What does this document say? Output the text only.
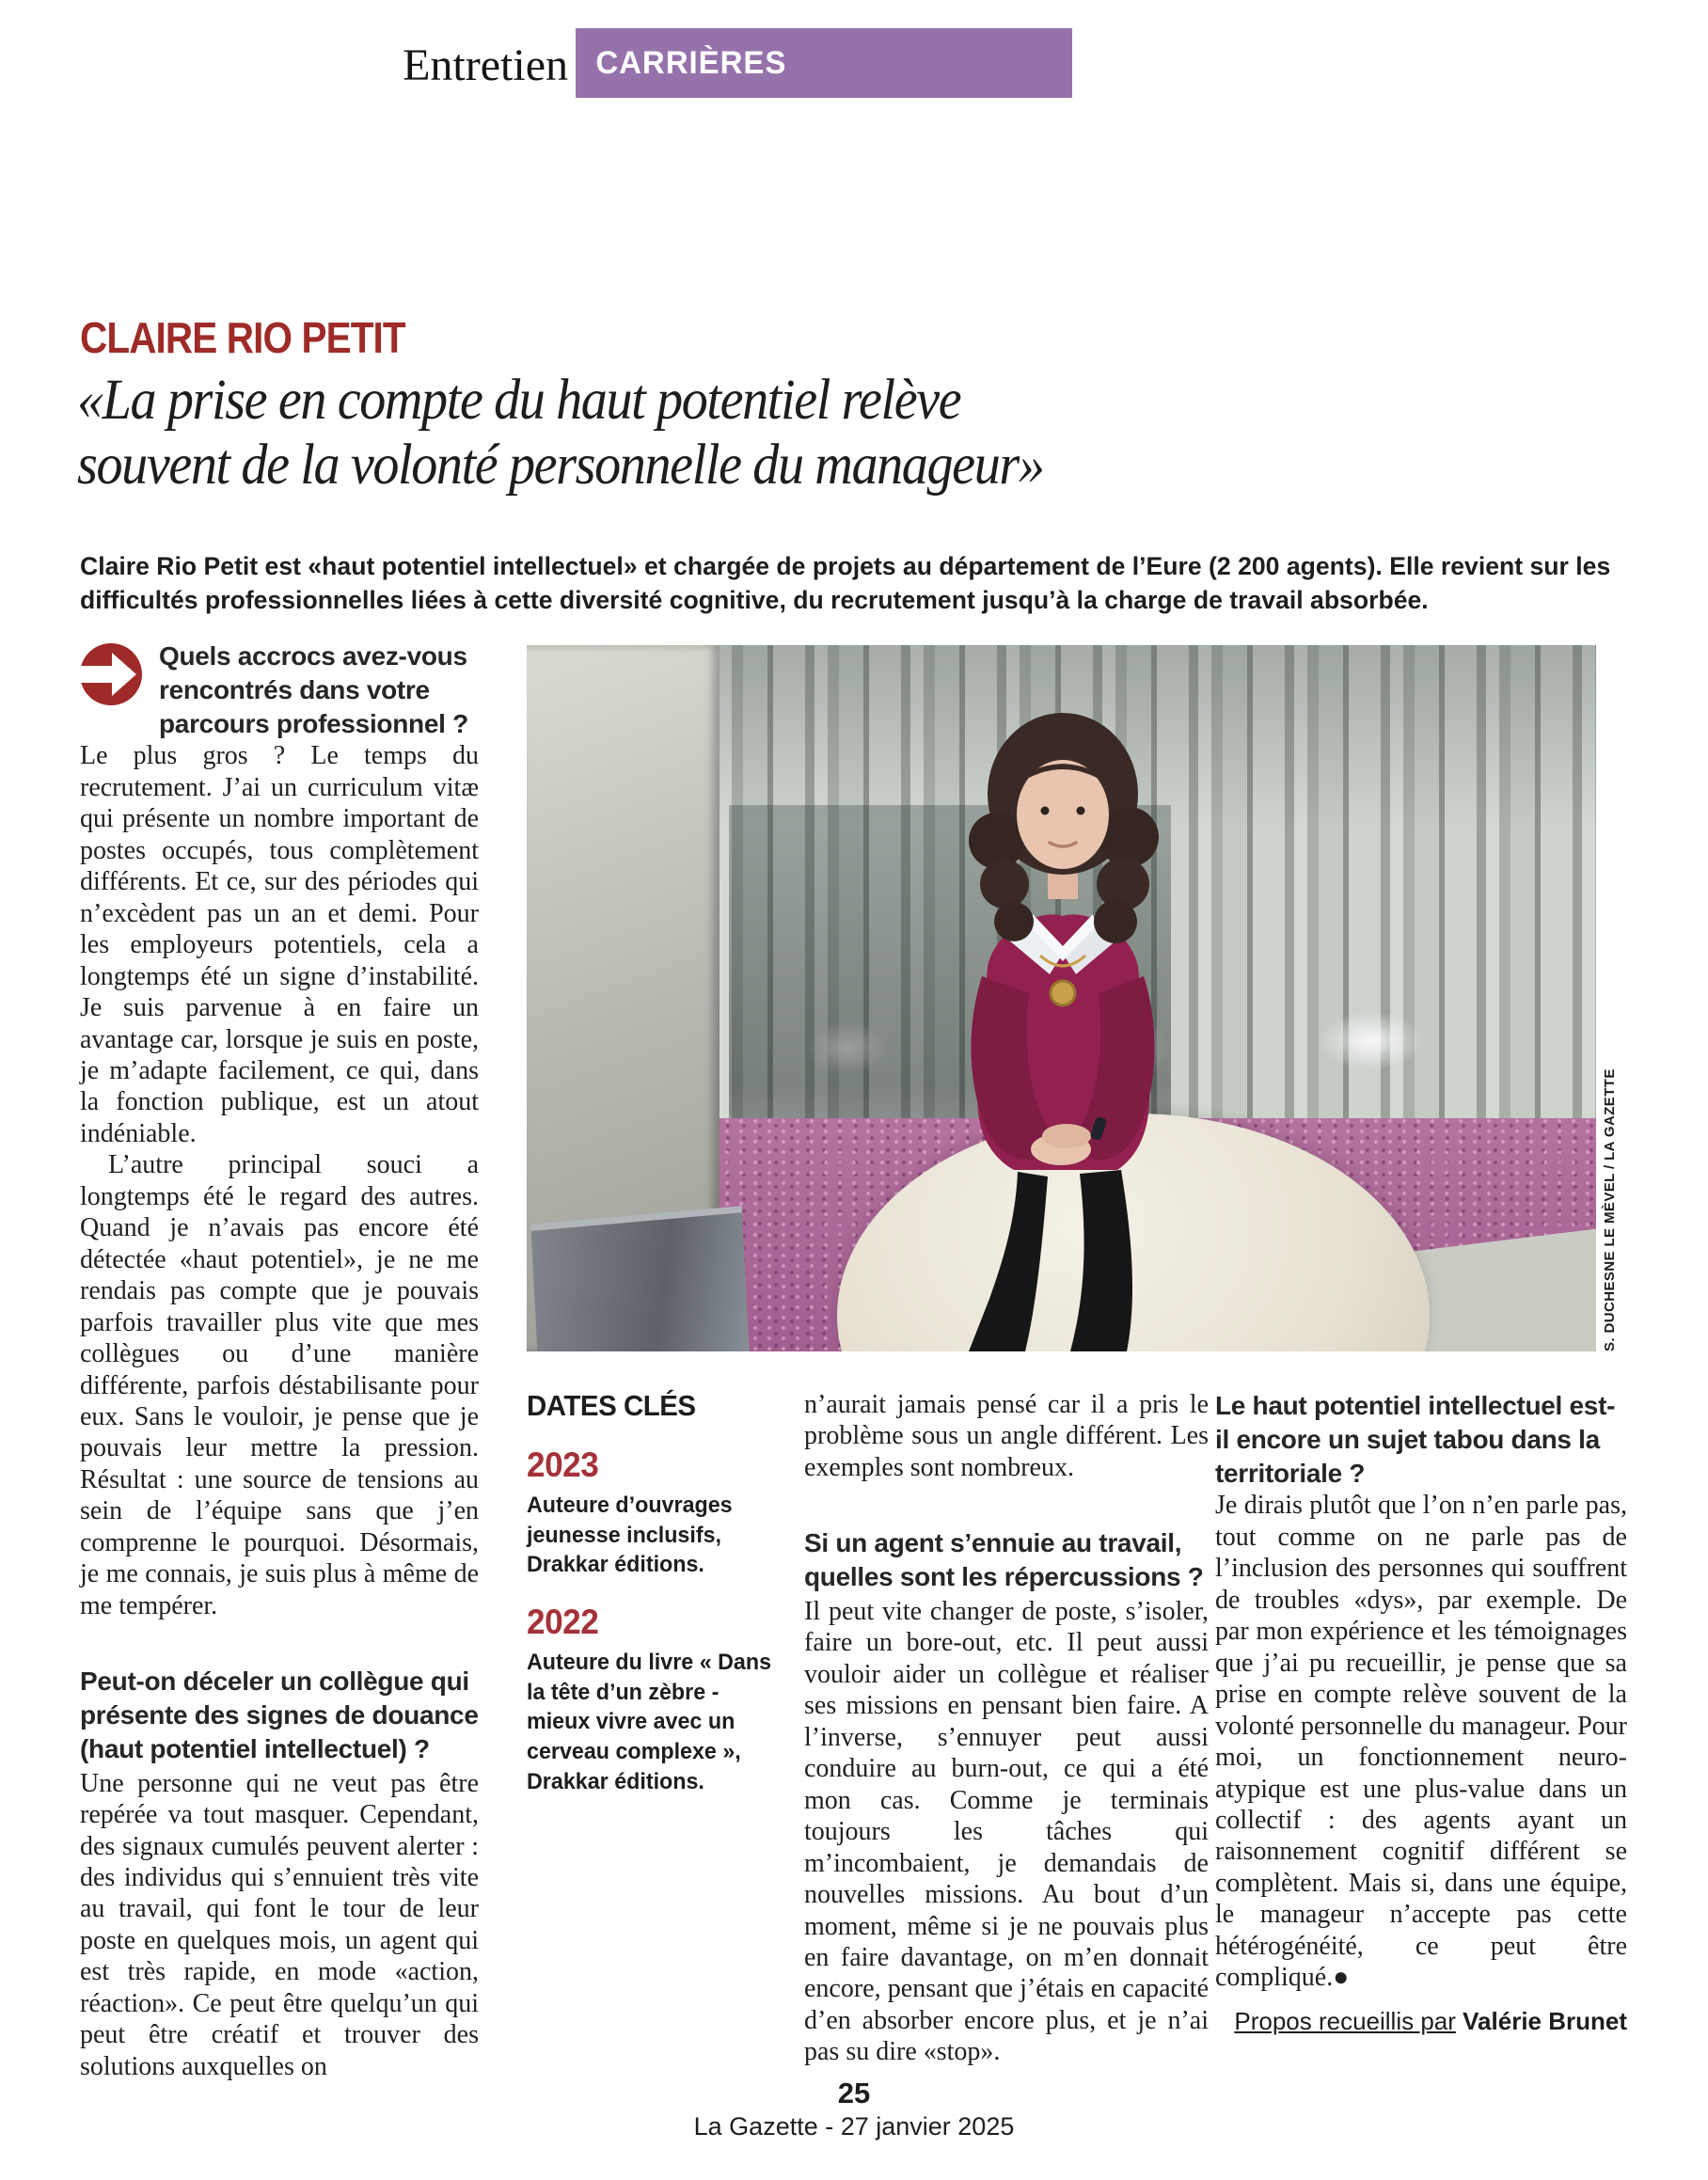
Entretien CARRIÈRES
CLAIRE RIO PETIT
«La prise en compte du haut potentiel relève
souvent de la volonté personnelle du manageur»
Claire Rio Petit est «haut potentiel intellectuel» et chargée de projets au département de l’Eure (2 200 agents). Elle revient sur les difficultés professionnelles liées à cette diversité cognitive, du recrutement jusqu’à la charge de travail absorbée.
Quels accrocs avez-vous rencontrés dans votre parcours professionnel ?

Le plus gros ? Le temps du recrutement. J’ai un curriculum vitæ qui présente un nombre important de postes occupés, tous complètement différents. Et ce, sur des périodes qui n’excèdent pas un an et demi. Pour les employeurs potentiels, cela a longtemps été un signe d’instabilité. Je suis parvenue à en faire un avantage car, lorsque je suis en poste, je m’adapte facilement, ce qui, dans la fonction publique, est un atout indéniable.

L’autre principal souci a longtemps été le regard des autres. Quand je n’avais pas encore été détectée «haut potentiel», je ne me rendais pas compte que je pouvais parfois travailler plus vite que mes collègues ou d’une manière différente, parfois déstabilisante pour eux. Sans le vouloir, je pense que je pouvais leur mettre la pression. Résultat : une source de tensions au sein de l’équipe sans que j’en comprenne le pourquoi. Désormais, je me connais, je suis plus à même de me tempérer.

Peut-on déceler un collègue qui présente des signes de douance (haut potentiel intellectuel) ?

Une personne qui ne veut pas être repérée va tout masquer. Cependant, des signaux cumulés peuvent alerter : des individus qui s’ennuient très vite au travail, qui font le tour de leur poste en quelques mois, un agent qui est très rapide, en mode «action, réaction». Ce peut être quelqu’un qui peut être créatif et trouver des solutions auxquelles on

S. DUCHESNE LE MÈVEL / LA GAZETTE
DATES CLÉS
2023
Auteure d’ouvrages jeunesse inclusifs, Drakkar éditions.
2022
Auteure du livre « Dans la tête d’un zèbre - mieux vivre avec un cerveau complexe », Drakkar éditions.

n’aurait jamais pensé car il a pris le problème sous un angle différent. Les exemples sont nombreux.

Si un agent s’ennuie au travail, quelles sont les répercussions ?

Il peut vite changer de poste, s’isoler, faire un bore-out, etc. Il peut aussi vouloir aider un collègue et réaliser ses missions en pensant bien faire. A l’inverse, s’ennuyer peut aussi conduire au burn-out, ce qui a été mon cas. Comme je terminais toujours les tâches qui m’incombaient, je demandais de nouvelles missions. Au bout d’un moment, même si je ne pouvais plus en faire davantage, on m’en donnait encore, pensant que j’étais en capacité d’en absorber encore plus, et je n’ai pas su dire «stop».

Le haut potentiel intellectuel est-il encore un sujet tabou dans la territoriale ?

Je dirais plutôt que l’on n’en parle pas, tout comme on ne parle pas de l’inclusion des personnes qui souffrent de troubles «dys», par exemple. De par mon expérience et les témoignages que j’ai pu recueillir, je pense que sa prise en compte relève souvent de la volonté personnelle du manageur. Pour moi, un fonctionnement neuro-atypique est une plus-value dans un collectif : des agents ayant un raisonnement cognitif différent se complètent. Mais si, dans une équipe, le manageur n’accepte pas cette hétérogénéité, ce peut être compliqué.●

Propos recueillis par Valérie Brunet
25
La Gazette - 27 janvier 2025
